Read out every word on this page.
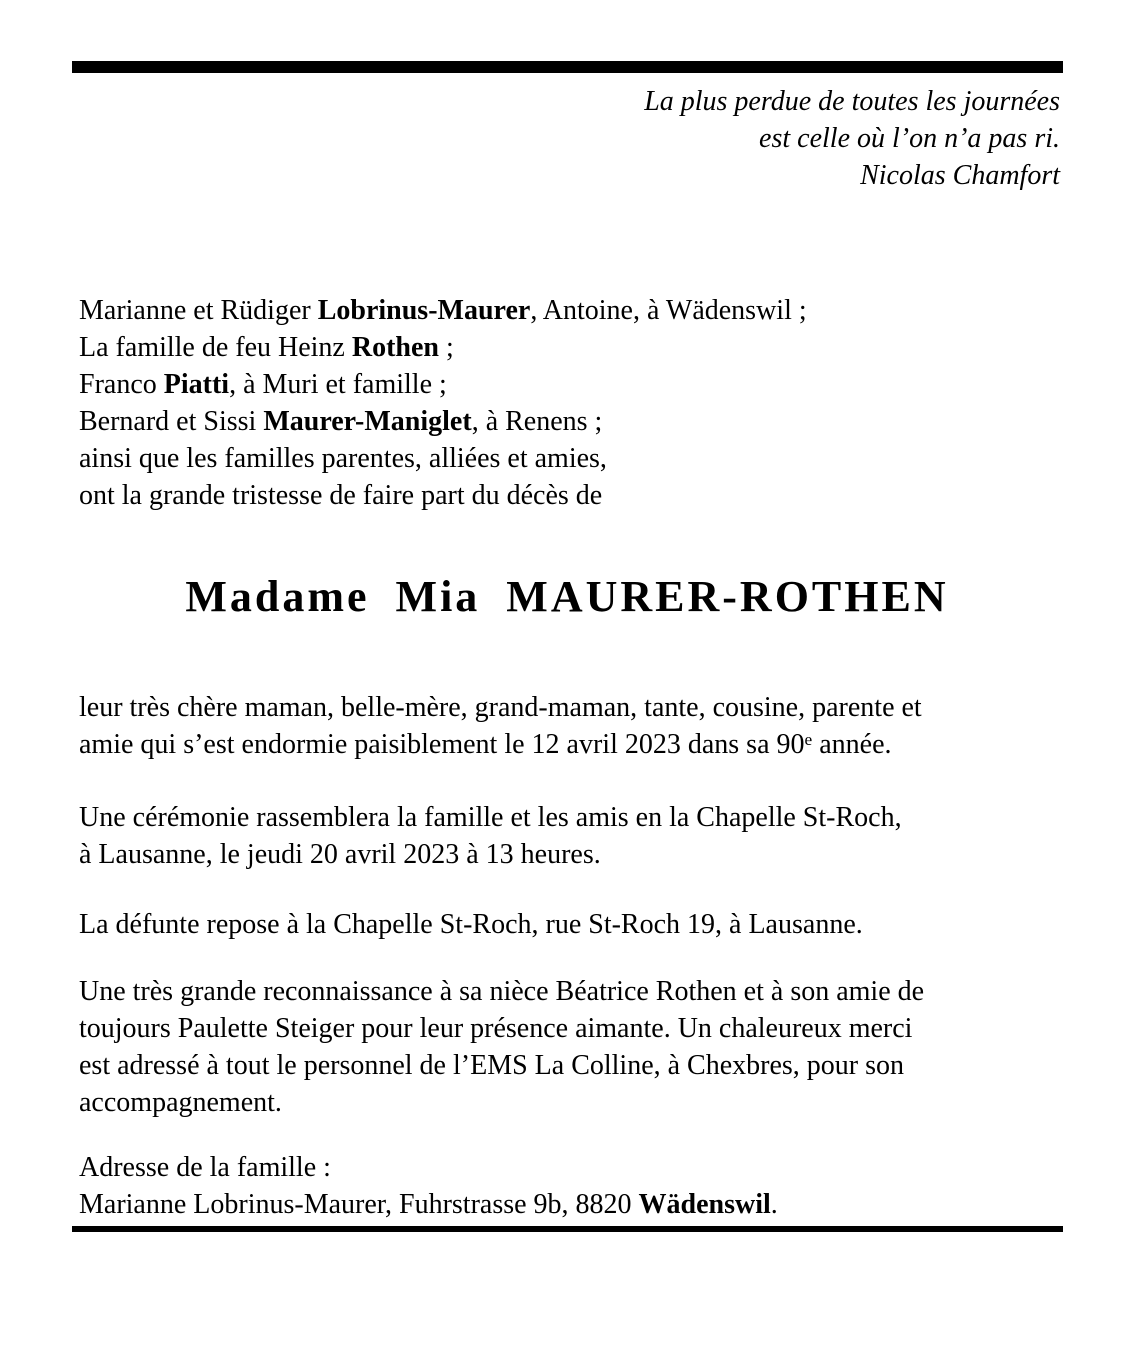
La plus perdue de toutes les journées
est celle où l’on n’a pas ri.
Nicolas Chamfort
Marianne et Rüdiger Lobrinus-Maurer, Antoine, à Wädenswil ;
La famille de feu Heinz Rothen ;
Franco Piatti, à Muri et famille ;
Bernard et Sissi Maurer-Maniglet, à Renens ;
ainsi que les familles parentes, alliées et amies,
ont la grande tristesse de faire part du décès de
Madame Mia MAURER-ROTHEN
leur très chère maman, belle-mère, grand-maman, tante, cousine, parente et
amie qui s’est endormie paisiblement le 12 avril 2023 dans sa 90e année.
Une cérémonie rassemblera la famille et les amis en la Chapelle St-Roch,
à Lausanne, le jeudi 20 avril 2023 à 13 heures.
La défunte repose à la Chapelle St-Roch, rue St-Roch 19, à Lausanne.
Une très grande reconnaissance à sa nièce Béatrice Rothen et à son amie de
toujours Paulette Steiger pour leur présence aimante. Un chaleureux merci
est adressé à tout le personnel de l’EMS La Colline, à Chexbres, pour son
accompagnement.
Adresse de la famille :
Marianne Lobrinus-Maurer, Fuhrstrasse 9b, 8820 Wädenswil.
